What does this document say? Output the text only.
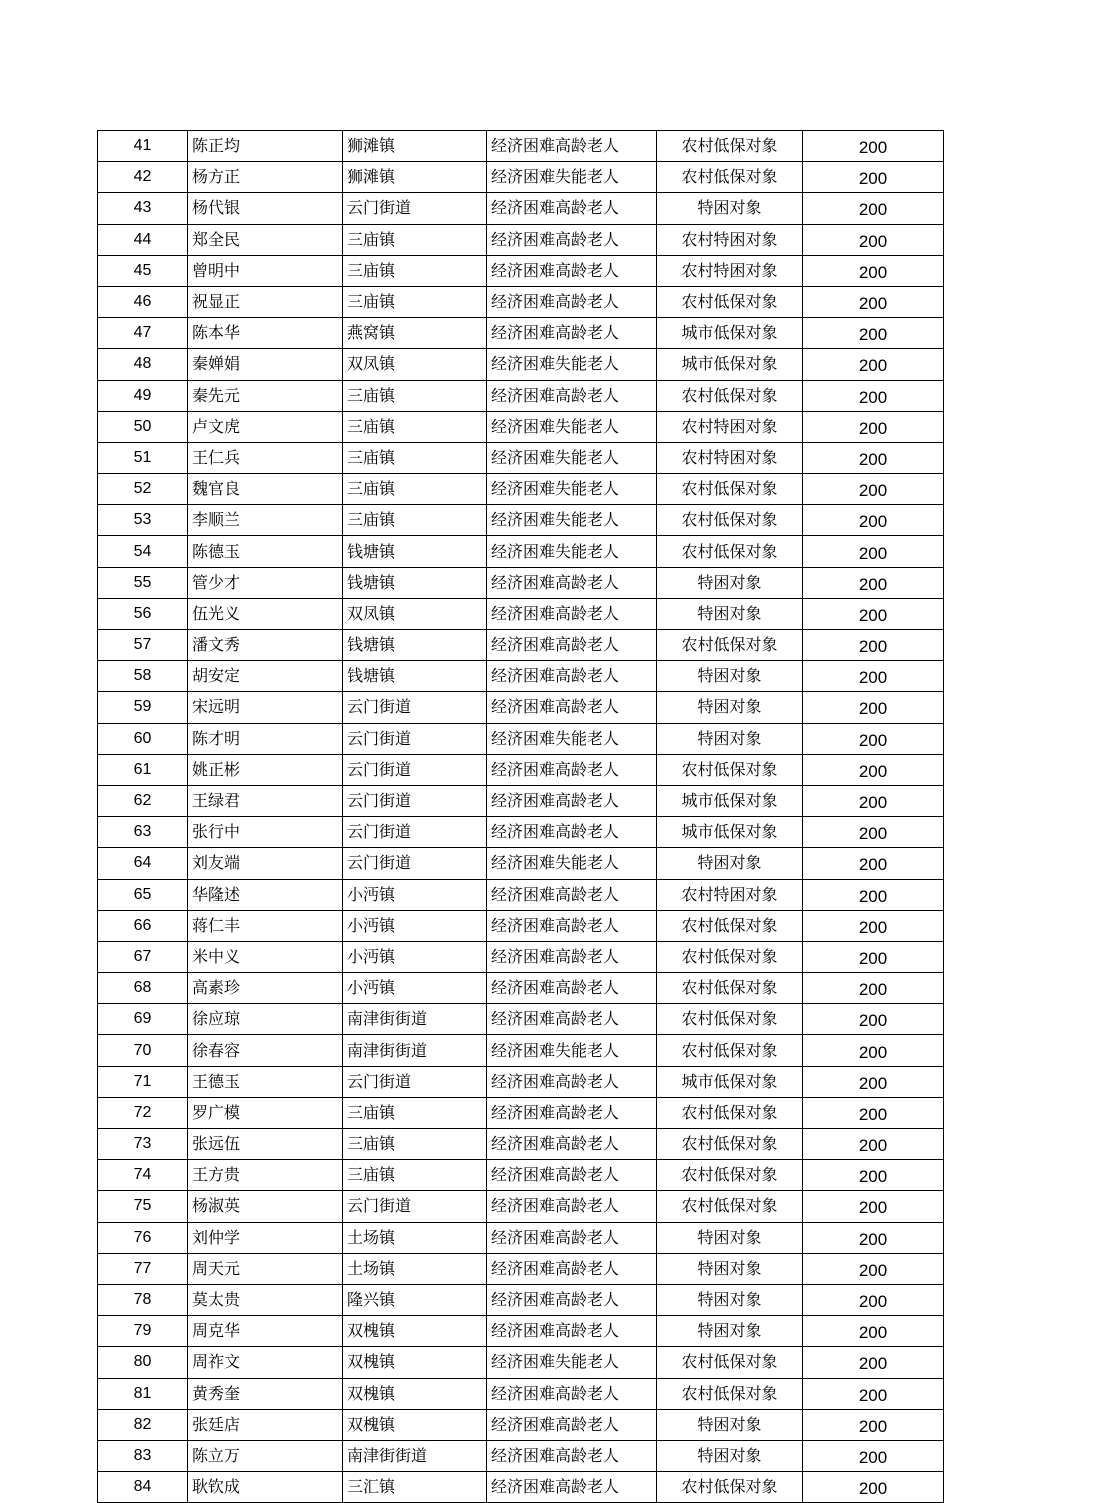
41	陈正均	狮滩镇	经济困难高龄老人	农村低保对象	200
42	杨方正	狮滩镇	经济困难失能老人	农村低保对象	200
43	杨代银	云门街道	经济困难高龄老人	特困对象	200
44	郑全民	三庙镇	经济困难高龄老人	农村特困对象	200
45	曾明中	三庙镇	经济困难高龄老人	农村特困对象	200
46	祝显正	三庙镇	经济困难高龄老人	农村低保对象	200
47	陈本华	燕窝镇	经济困难高龄老人	城市低保对象	200
48	秦婵娟	双凤镇	经济困难失能老人	城市低保对象	200
49	秦先元	三庙镇	经济困难高龄老人	农村低保对象	200
50	卢文虎	三庙镇	经济困难失能老人	农村特困对象	200
51	王仁兵	三庙镇	经济困难失能老人	农村特困对象	200
52	魏官良	三庙镇	经济困难失能老人	农村低保对象	200
53	李顺兰	三庙镇	经济困难失能老人	农村低保对象	200
54	陈德玉	钱塘镇	经济困难失能老人	农村低保对象	200
55	管少才	钱塘镇	经济困难高龄老人	特困对象	200
56	伍光义	双凤镇	经济困难高龄老人	特困对象	200
57	潘文秀	钱塘镇	经济困难高龄老人	农村低保对象	200
58	胡安定	钱塘镇	经济困难高龄老人	特困对象	200
59	宋远明	云门街道	经济困难高龄老人	特困对象	200
60	陈才明	云门街道	经济困难失能老人	特困对象	200
61	姚正彬	云门街道	经济困难高龄老人	农村低保对象	200
62	王绿君	云门街道	经济困难高龄老人	城市低保对象	200
63	张行中	云门街道	经济困难高龄老人	城市低保对象	200
64	刘友端	云门街道	经济困难失能老人	特困对象	200
65	华隆述	小沔镇	经济困难高龄老人	农村特困对象	200
66	蒋仁丰	小沔镇	经济困难高龄老人	农村低保对象	200
67	米中义	小沔镇	经济困难高龄老人	农村低保对象	200
68	高素珍	小沔镇	经济困难高龄老人	农村低保对象	200
69	徐应琼	南津街街道	经济困难高龄老人	农村低保对象	200
70	徐春容	南津街街道	经济困难失能老人	农村低保对象	200
71	王德玉	云门街道	经济困难高龄老人	城市低保对象	200
72	罗广模	三庙镇	经济困难高龄老人	农村低保对象	200
73	张远伍	三庙镇	经济困难高龄老人	农村低保对象	200
74	王方贵	三庙镇	经济困难高龄老人	农村低保对象	200
75	杨淑英	云门街道	经济困难高龄老人	农村低保对象	200
76	刘仲学	土场镇	经济困难高龄老人	特困对象	200
77	周天元	土场镇	经济困难高龄老人	特困对象	200
78	莫太贵	隆兴镇	经济困难高龄老人	特困对象	200
79	周克华	双槐镇	经济困难高龄老人	特困对象	200
80	周祚文	双槐镇	经济困难失能老人	农村低保对象	200
81	黄秀奎	双槐镇	经济困难高龄老人	农村低保对象	200
82	张廷店	双槐镇	经济困难高龄老人	特困对象	200
83	陈立万	南津街街道	经济困难高龄老人	特困对象	200
84	耿钦成	三汇镇	经济困难高龄老人	农村低保对象	200
